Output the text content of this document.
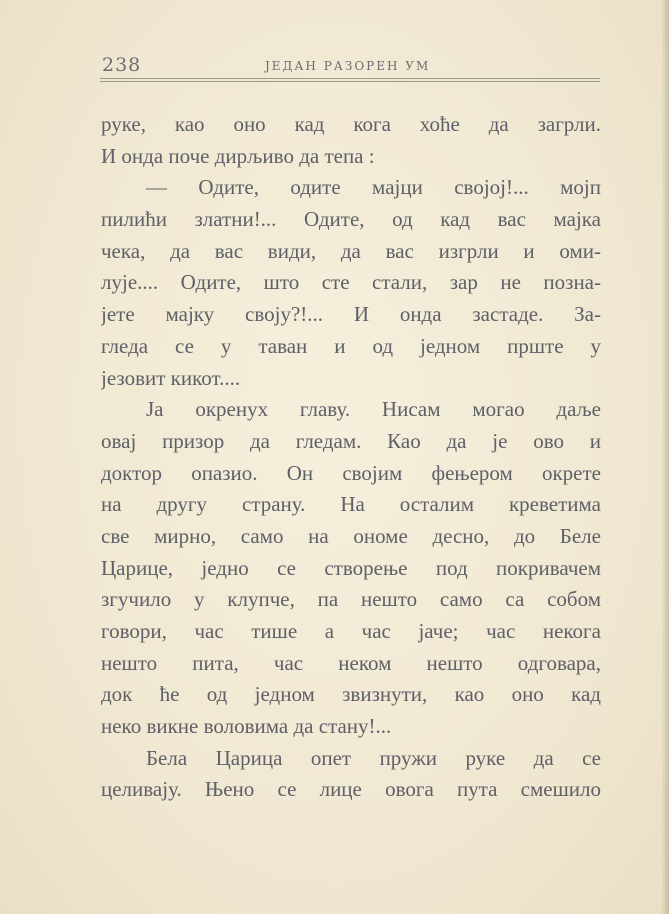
238	ЈЕДАН РАЗОРЕН УМ
руке, као оно кад кога хоће да загрли.
И онда поче дирљиво да тепа :
— Одите, одите мајци својој!... мојп
пилићи златни!... Одите, од кад вас мајка
чека, да вас види, да вас изгрли и оми-
лује.... Одите, што сте стали, зар не позна-
јете мајку своју?!... И онда застаде. За-
гледа се у таван и од једном прште у
језовит кикот....
Ја окренух главу. Нисам могао даље
овај призор да гледам. Као да је ово и
доктор опазио. Он својим фењером окрете
на другу страну. На осталим креветима
све мирно, само на ономе десно, до Беле
Царице, једно се створење под покривачем
згучило у клупче, па нешто само са собом
говори, час тише а час јаче; час некога
нешто пита, час неком нешто одговара,
док ће од једном звизнути, као оно кад
неко викне воловима да стану!...
Бела Царица опет пружи руке да се
целивају. Њено се лице овога пута смешило
